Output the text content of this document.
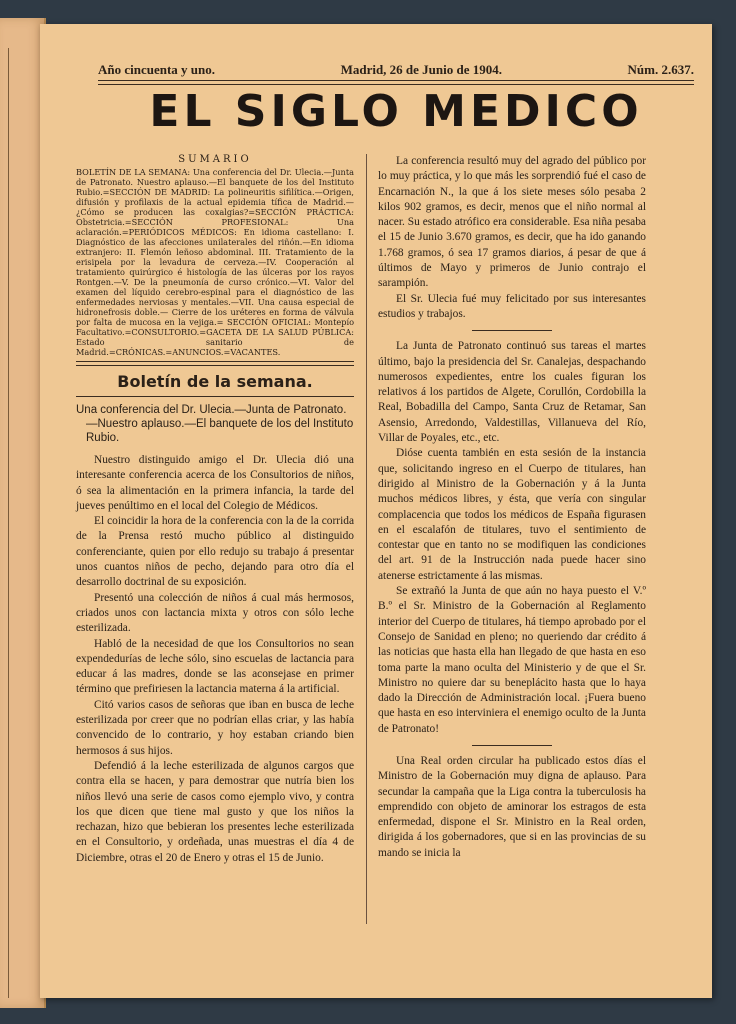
Año cincuenta y uno.	Madrid, 26 de Junio de 1904.	Núm. 2.637.
EL SIGLO MEDICO
SUMARIO

BOLETÍN DE LA SEMANA: Una conferencia del Dr. Ulecia.—Junta de Patronato. Nuestro aplauso.—El banquete de los del Instituto Rubio.=SECCIÓN DE MADRID: La polineuritis sifilítica.—Origen, difusión y profilaxis de la actual epidemia tífica de Madrid.—¿Cómo se producen las coxalgias?=SECCIÓN PRÁCTICA: Obstetricia.=SECCIÓN PROFESIONAL: Una aclaración.=PERIÓDICOS MÉDICOS: En idioma castellano: I. Diagnóstico de las afecciones unilaterales del riñón.—En idioma extranjero: II. Flemón leñoso abdominal. III. Tratamiento de la erisipela por la levadura de cerveza.—IV. Cooperación al tratamiento quirúrgico é histología de las úlceras por los rayos Rontgen.—V. De la pneumonía de curso crónico.—VI. Valor del examen del líquido cerebro-espinal para el diagnóstico de las enfermedades nerviosas y mentales.—VII. Una causa especial de hidronefrosis doble.— Cierre de los uréteres en forma de válvula por falta de mucosa en la vejiga.= SECCIÓN OFICIAL: Montepío Facultativo.=CONSULTORIO.=GACETA DE LA SALUD PÚBLICA: Estado sanitario de Madrid.=CRÓNICAS.=ANUNCIOS.=VACANTES.

Boletín de la semana.
Una conferencia del Dr. Ulecia.—Junta de Patronato. —Nuestro aplauso.—El banquete de los del Instituto Rubio.

Nuestro distinguido amigo el Dr. Ulecia dió una interesante conferencia acerca de los Consultorios de niños, ó sea la alimentación en la primera infancia, la tarde del jueves penúltimo en el local del Colegio de Médicos.

El coincidir la hora de la conferencia con la de la corrida de la Prensa restó mucho público al distinguido conferenciante, quien por ello redujo su trabajo á presentar unos cuantos niños de pecho, dejando para otro día el desarrollo doctrinal de su exposición.

Presentó una colección de niños á cual más hermosos, criados unos con lactancia mixta y otros con sólo leche esterilizada.

Habló de la necesidad de que los Consultorios no sean expendedurías de leche sólo, sino escuelas de lactancia para educar á las madres, donde se las aconsejase en primer término que prefiriesen la lactancia materna á la artificial.

Citó varios casos de señoras que iban en busca de leche esterilizada por creer que no podrían ellas criar, y las había convencido de lo contrario, y hoy estaban criando bien hermosos á sus hijos.

Defendió á la leche esterilizada de algunos cargos que contra ella se hacen, y para demostrar que nutría bien los niños llevó una serie de casos como ejemplo vivo, y contra los que dicen que tiene mal gusto y que los niños la rechazan, hizo que bebieran los presentes leche esterilizada en el Consultorio, y ordeñada, unas muestras el día 4 de Diciembre, otras el 20 de Enero y otras el 15 de Junio.

La conferencia resultó muy del agrado del público por lo muy práctica, y lo que más les sorprendió fué el caso de Encarnación N., la que á los siete meses sólo pesaba 2 kilos 902 gramos, es decir, menos que el niño normal al nacer. Su estado atrófico era considerable. Esa niña pesaba el 15 de Junio 3.670 gramos, es decir, que ha ido ganando 1.768 gramos, ó sea 17 gramos diarios, á pesar de que á últimos de Mayo y primeros de Junio contrajo el sarampión.

El Sr. Ulecia fué muy felicitado por sus interesantes estudios y trabajos.

La Junta de Patronato continuó sus tareas el martes último, bajo la presidencia del Sr. Canalejas, despachando numerosos expedientes, entre los cuales figuran los relativos á los partidos de Algete, Corullón, Cordobilla la Real, Bobadilla del Campo, Santa Cruz de Retamar, San Asensio, Arredondo, Valdestillas, Villanueva del Río, Villar de Poyales, etc., etc.

Dióse cuenta también en esta sesión de la instancia que, solicitando ingreso en el Cuerpo de titulares, han dirigido al Ministro de la Gobernación y á la Junta muchos médicos libres, y ésta, que vería con singular complacencia que todos los médicos de España figurasen en el escalafón de titulares, tuvo el sentimiento de contestar que en tanto no se modifiquen las condiciones del art. 91 de la Instrucción nada puede hacer sino atenerse estrictamente á las mismas.

Se extrañó la Junta de que aún no haya puesto el V.º B.º el Sr. Ministro de la Gobernación al Reglamento interior del Cuerpo de titulares, há tiempo aprobado por el Consejo de Sanidad en pleno; no queriendo dar crédito á las noticias que hasta ella han llegado de que hasta en eso toma parte la mano oculta del Ministerio y de que el Sr. Ministro no quiere dar su beneplácito hasta que lo haya dado la Dirección de Administración local. ¡Fuera bueno que hasta en eso interviniera el enemigo oculto de la Junta de Patronato!

Una Real orden circular ha publicado estos días el Ministro de la Gobernación muy digna de aplauso. Para secundar la campaña que la Liga contra la tuberculosis ha emprendido con objeto de aminorar los estragos de esta enfermedad, dispone el Sr. Ministro en la Real orden, dirigida á los gobernadores, que si en las provincias de su mando se inicia la
